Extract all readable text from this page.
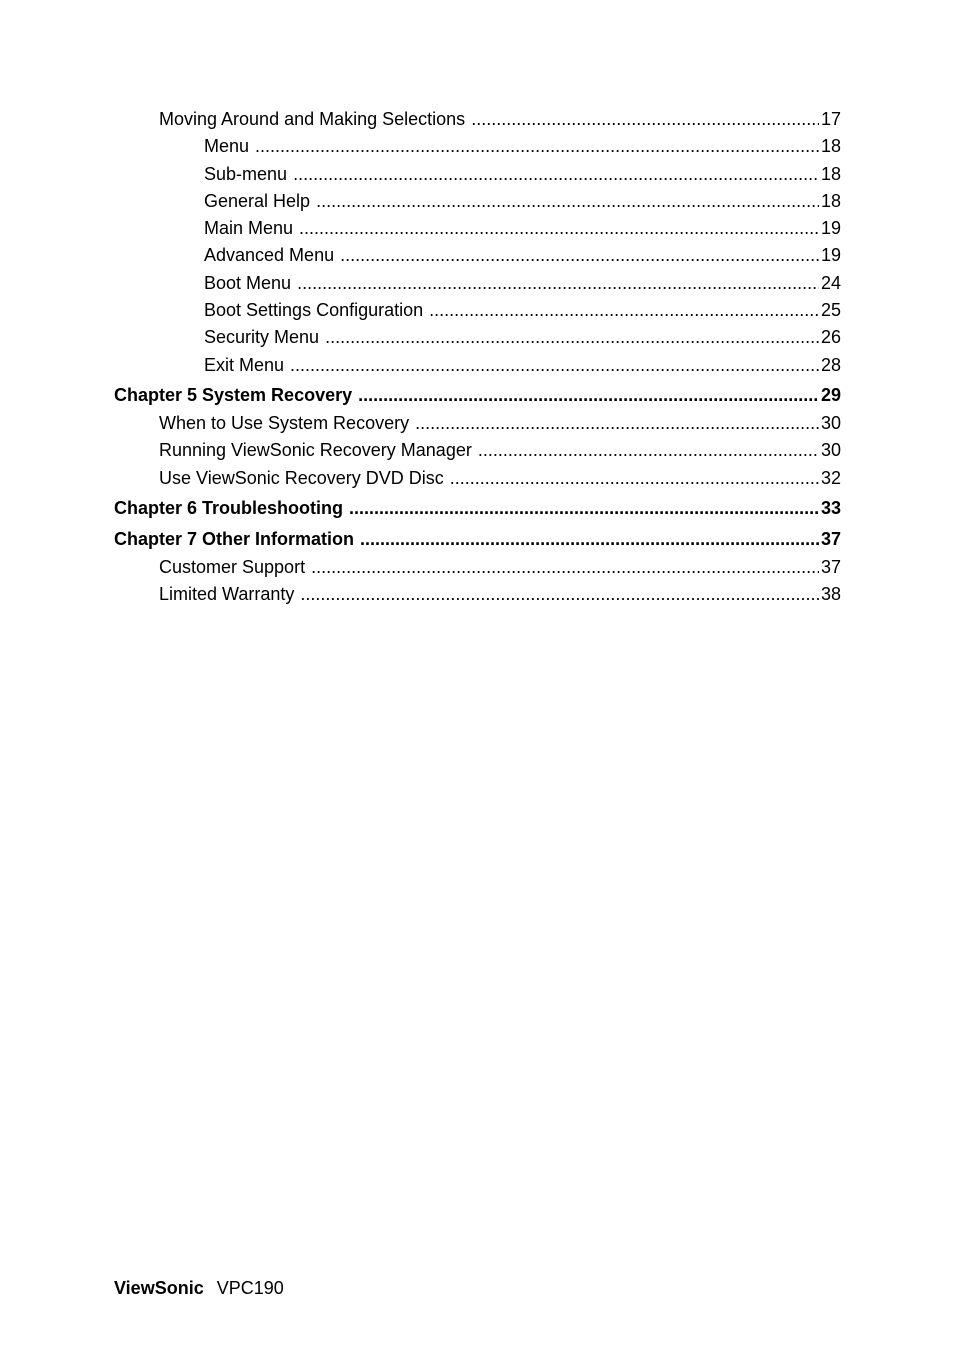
Moving Around and Making Selections .....	17
Menu .....	18
Sub-menu .....	18
General Help .....	18
Main Menu .....	19
Advanced Menu .....	19
Boot Menu .....	24
Boot Settings Configuration .....	25
Security Menu .....	26
Exit Menu .....	28
Chapter 5 System Recovery .....	29
When to Use System Recovery .....	30
Running ViewSonic Recovery Manager .....	30
Use ViewSonic Recovery DVD Disc .....	32
Chapter 6 Troubleshooting .....	33
Chapter 7 Other Information .....	37
Customer Support .....	37
Limited Warranty .....	38
ViewSonic VPC190
